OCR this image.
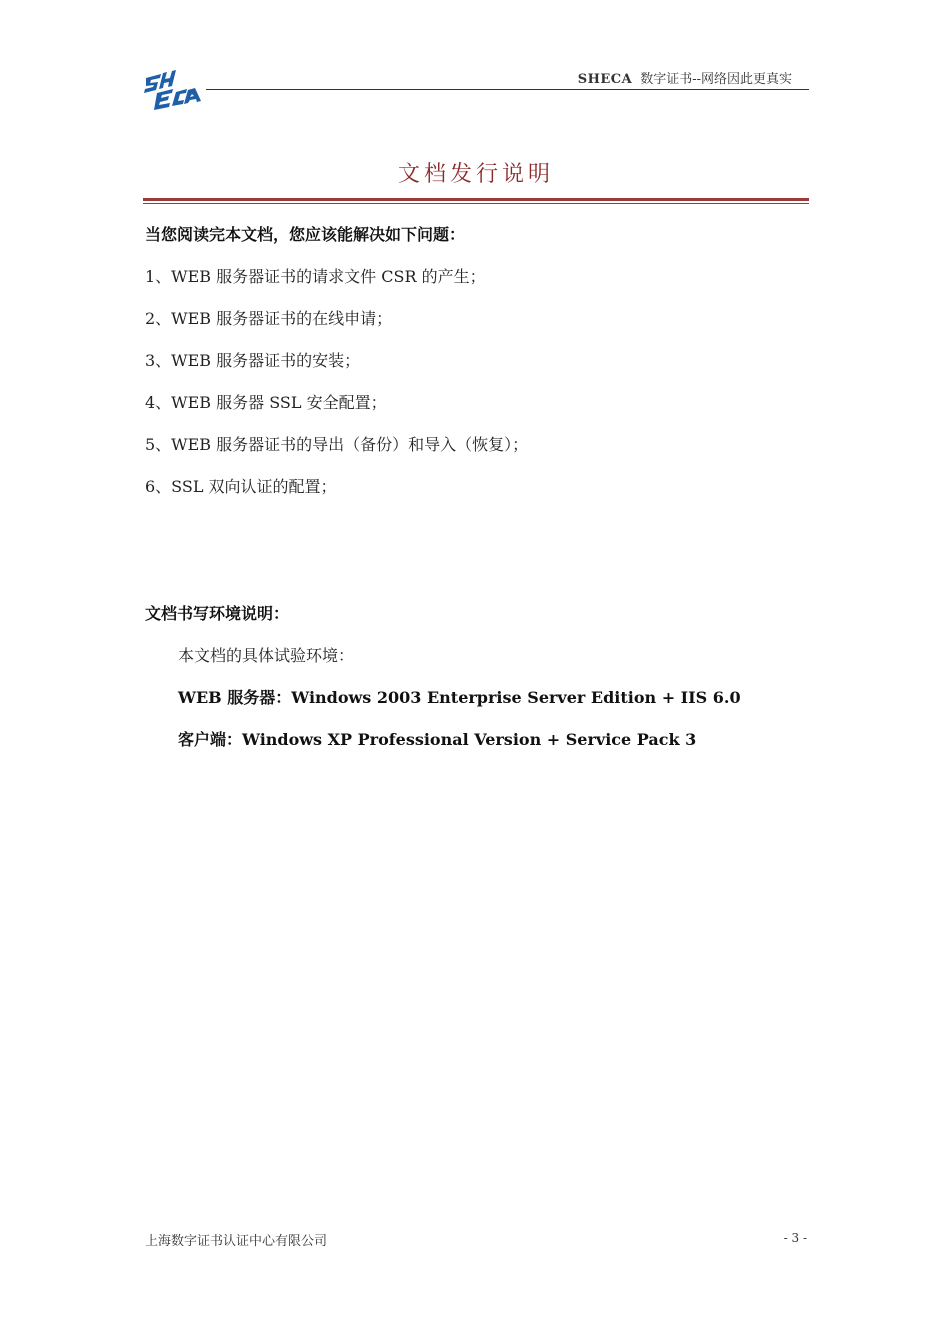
SHECA 数字证书--网络因此更真实
文档发行说明
当您阅读完本文档，您应该能解决如下问题：
1、WEB 服务器证书的请求文件 CSR 的产生；
2、WEB 服务器证书的在线申请；
3、WEB 服务器证书的安装；
4、WEB 服务器 SSL 安全配置；
5、WEB 服务器证书的导出（备份）和导入（恢复）；
6、SSL 双向认证的配置；
文档书写环境说明：
本文档的具体试验环境：
WEB 服务器：Windows 2003 Enterprise Server Edition + IIS 6.0
客户端：Windows XP Professional Version + Service Pack 3
上海数字证书认证中心有限公司	- 3 -
